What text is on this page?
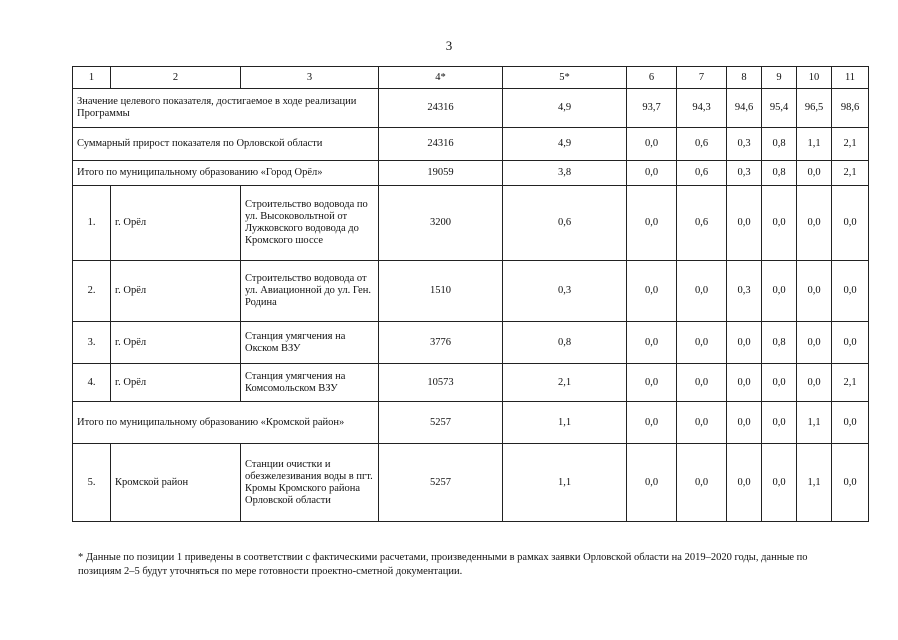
3
1	2	3	4*	5*	6	7	8	9	10	11
Значение целевого показателя, достигаемое в ходе реализации Программы			24316	4,9	93,7	94,3	94,6	95,4	96,5	98,6
Суммарный прирост показателя по Орловской области			24316	4,9	0,0	0,6	0,3	0,8	1,1	2,1
Итого по муниципальному образованию «Город Орёл»			19059	3,8	0,0	0,6	0,3	0,8	0,0	2,1
1.	г. Орёл	Строительство водовода по ул. Высоковольтной от Лужковского водовода до Кромского шоссе	3200	0,6	0,0	0,6	0,0	0,0	0,0	0,0
2.	г. Орёл	Строительство водовода от ул. Авиационной до ул. Ген. Родина	1510	0,3	0,0	0,0	0,3	0,0	0,0	0,0
3.	г. Орёл	Станция умягчения на Окском ВЗУ	3776	0,8	0,0	0,0	0,0	0,8	0,0	0,0
4.	г. Орёл	Станция умягчения на Комсомольском ВЗУ	10573	2,1	0,0	0,0	0,0	0,0	0,0	2,1
Итого по муниципальному образованию «Кромской район»			5257	1,1	0,0	0,0	0,0	0,0	1,1	0,0
5.	Кромской район	Станции очистки и обезжелезивания воды в пгт. Кромы Кромского района Орловской области	5257	1,1	0,0	0,0	0,0	0,0	1,1	0,0
* Данные по позиции 1 приведены в соответствии с фактическими расчетами, произведенными в рамках заявки Орловской области на 2019–2020 годы, данные по позициям 2–5 будут уточняться по мере готовности проектно-сметной документации.
